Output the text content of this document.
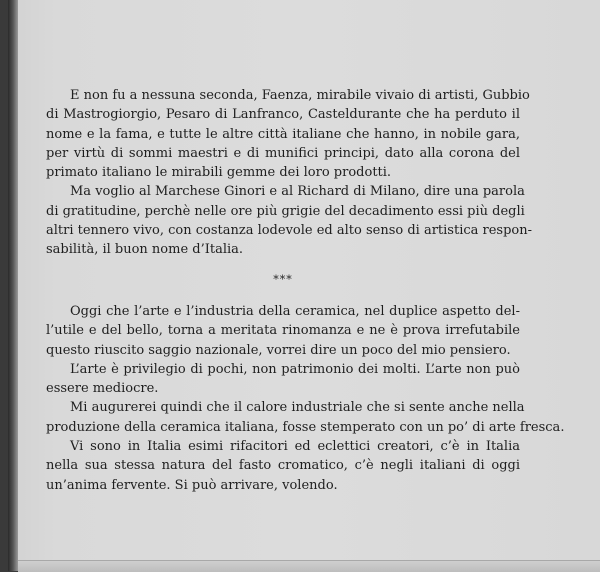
E non fu a nessuna seconda, Faenza, mirabile vivaio di artisti, Gubbio
di Mastrogiorgio, Pesaro di Lanfranco, Casteldurante che ha perduto il
nome e la fama, e tutte le altre città italiane che hanno, in nobile gara,
per virtù di sommi maestri e di munifici principi, dato alla corona del
primato italiano le mirabili gemme dei loro prodotti.
Ma voglio al Marchese Ginori e al Richard di Milano, dire una parola
di gratitudine, perchè nelle ore più grigie del decadimento essi più degli
altri tennero vivo, con costanza lodevole ed alto senso di artistica respon-
sabilità, il buon nome d’Italia.
***
Oggi che l’arte e l’industria della ceramica, nel duplice aspetto del-
l’utile e del bello, torna a meritata rinomanza e ne è prova irrefutabile
questo riuscito saggio nazionale, vorrei dire un poco del mio pensiero.
L’arte è privilegio di pochi, non patrimonio dei molti. L’arte non può
essere mediocre.
Mi augurerei quindi che il calore industriale che si sente anche nella
produzione della ceramica italiana, fosse stemperato con un po’ di arte fresca.
Vi sono in Italia esimi rifacitori ed eclettici creatori, c’è in Italia
nella sua stessa natura del fasto cromatico, c’è negli italiani di oggi
un’anima fervente. Si può arrivare, volendo.
